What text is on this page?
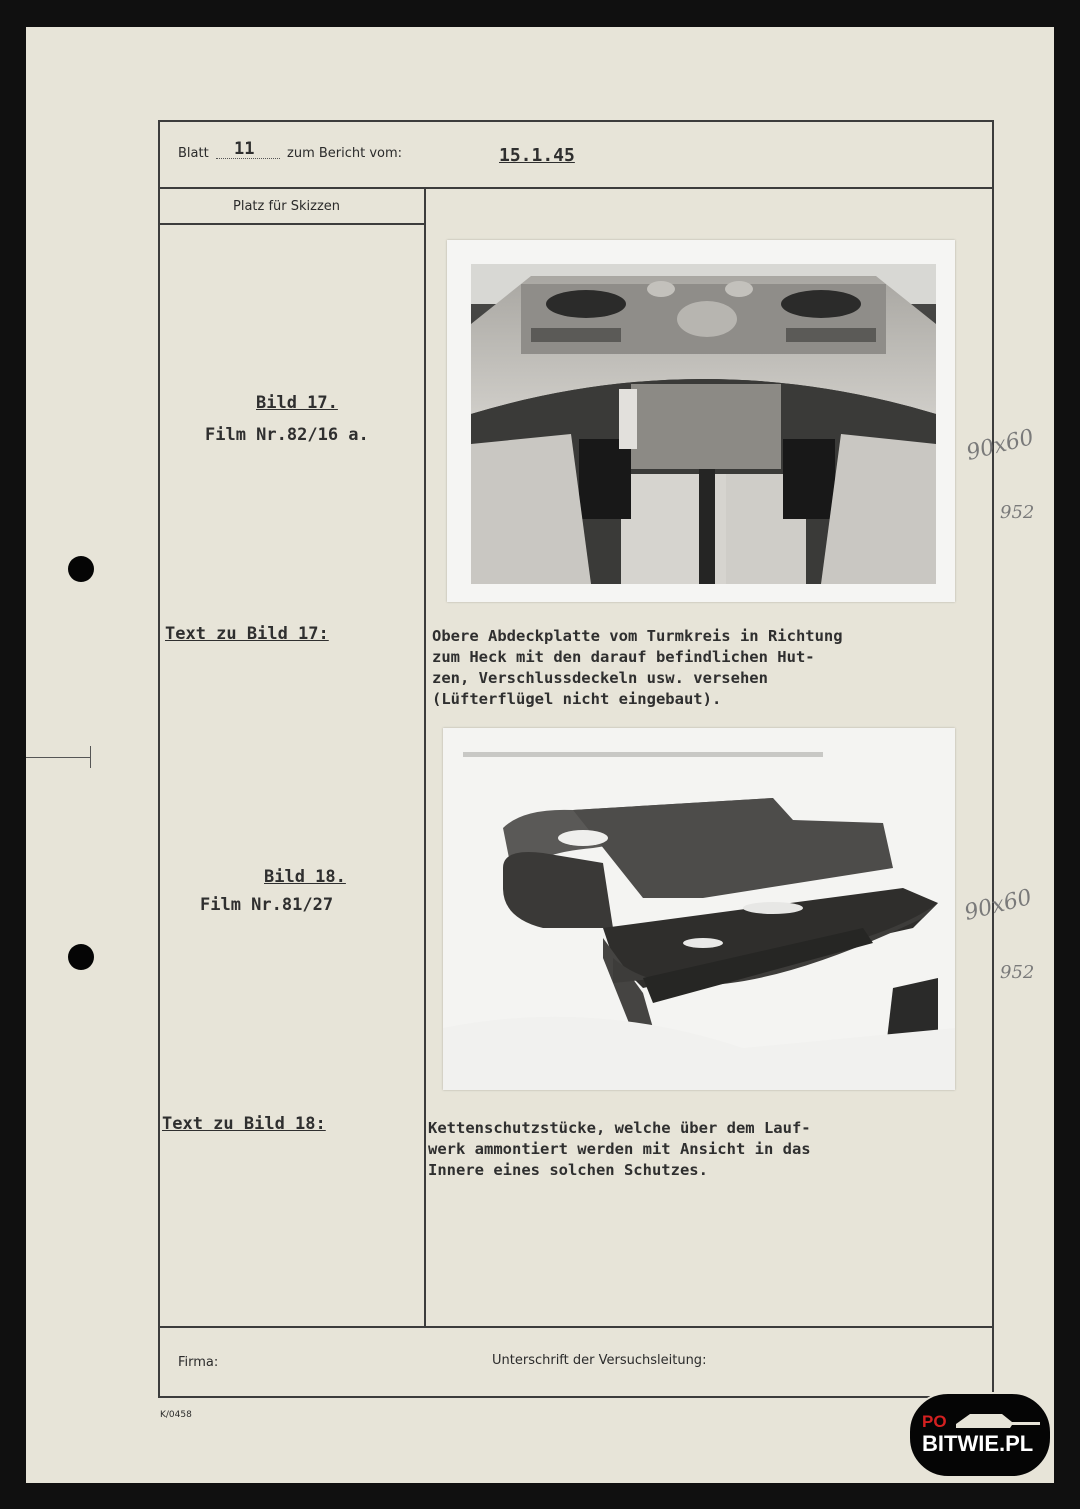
Blatt 11	zum Bericht vom:	15.1.45
Platz für Skizzen
Bild 17.
Film Nr.82/16 a.
Text zu Bild 17:	Obere Abdeckplatte vom Turmkreis in Richtung
zum Heck mit den darauf befindlichen Hut-
zen, Verschlussdeckeln usw. versehen
(Lüfterflügel nicht eingebaut).
90x60
952
Bild 18.
Film Nr.81/27
Text zu Bild 18:	Kettenschutzstücke, welche über dem Lauf-
werk ammontiert werden mit Ansicht in das
Innere eines solchen Schutzes.
90x60
952
Firma:	Unterschrift der Versuchsleitung:
K/0458	PO
BITWIE.PL
